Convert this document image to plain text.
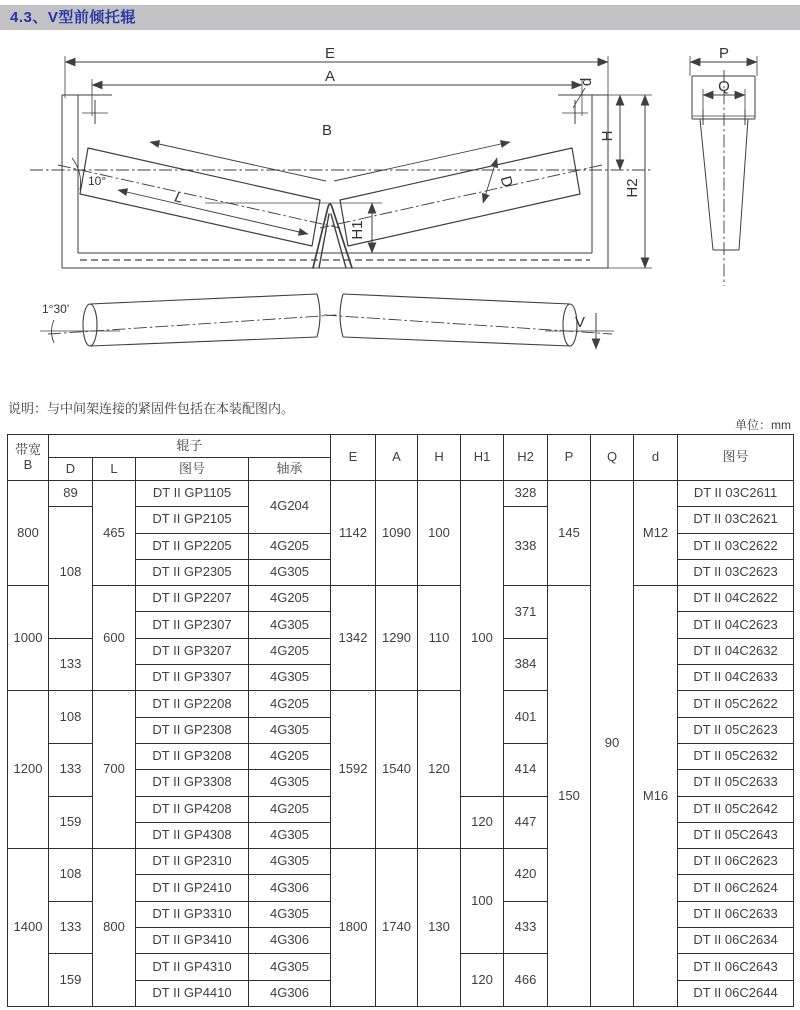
4.3、V型前倾托辊
E
A
B
d
H
H2
H1
L
D
10°
P
Q
1°30'
V
说明：与中间架连接的紧固件包括在本装配图内。
单位：mm
带宽
B	辊子				E	A	H	H1	H2	P	Q	d	图号
	D	L	图号	轴承									
800	89	465	DT II GP1105	4G204	1142	1090	100	100	328	145	90	M12	DT II 03C2611
	108		DT II GP2105						338				DT II 03C2621
			DT II GP2205	4G205									DT II 03C2622
			DT II GP2305	4G305									DT II 03C2623
1000		600	DT II GP2207	4G205	1342	1290	110		371	150		M16	DT II 04C2622
			DT II GP2307	4G305									DT II 04C2623
	133		DT II GP3207	4G205					384				DT II 04C2632
			DT II GP3307	4G305									DT II 04C2633
1200	108	700	DT II GP2208	4G205	1592	1540	120		401				DT II 05C2622
			DT II GP2308	4G305									DT II 05C2623
	133		DT II GP3208	4G205					414				DT II 05C2632
			DT II GP3308	4G305									DT II 05C2633
	159		DT II GP4208	4G205				120	447				DT II 05C2642
			DT II GP4308	4G305									DT II 05C2643
1400	108	800	DT II GP2310	4G305	1800	1740	130	100	420				DT II 06C2623
			DT II GP2410	4G306									DT II 06C2624
	133		DT II GP3310	4G305					433				DT II 06C2633
			DT II GP3410	4G306									DT II 06C2634
	159		DT II GP4310	4G305				120	466				DT II 06C2643
			DT II GP4410	4G306									DT II 06C2644
